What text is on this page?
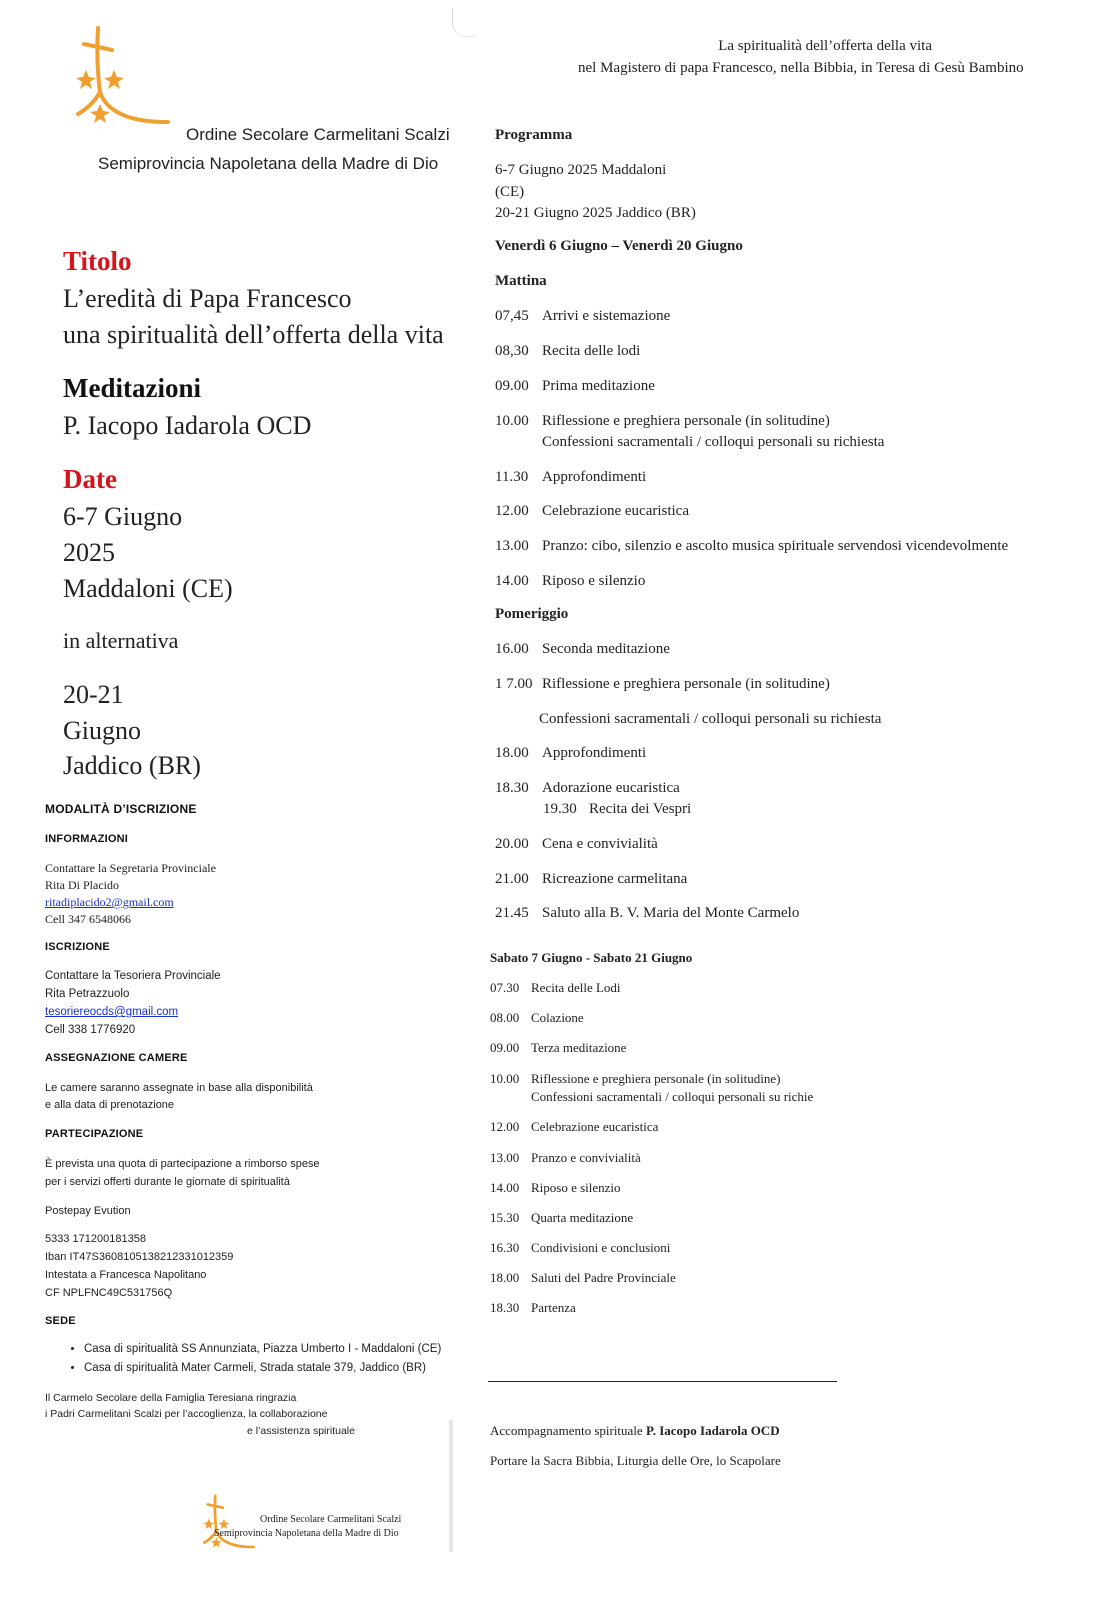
Ordine Secolare Carmelitani Scalzi
Semiprovincia Napoletana della Madre di Dio
Titolo
L’eredità di Papa Francesco
una spiritualità dell’offerta della vita
Meditazioni
P. Iacopo Iadarola OCD
Date
6-7 Giugno
2025
Maddaloni (CE)
in alternativa
20-21
Giugno
Jaddico (BR)
MODALITÀ D’ISCRIZIONE
INFORMAZIONI
Contattare la Segretaria Provinciale
Rita Di Placido
ritadiplacido2@gmail.com
Cell 347 6548066
ISCRIZIONE
Contattare la Tesoriera Provinciale
Rita Petrazzuolo
tesoriereocds@gmail.com
Cell 338 1776920
ASSEGNAZIONE CAMERE
Le camere saranno assegnate in base alla disponibilità
e alla data di prenotazione
PARTECIPAZIONE
È prevista una quota di partecipazione a rimborso spese
per i servizi offerti durante le giornate di spiritualità
Postepay Evution
5333 171200181358
Iban IT47S3608105138212331012359
Intestata a Francesca Napolitano
CF NPLFNC49C531756Q
SEDE
• Casa di spiritualità SS Annunziata, Piazza Umberto I - Maddaloni (CE)
• Casa di spiritualità Mater Carmeli, Strada statale 379, Jaddico (BR)
Il Carmelo Secolare della Famiglia Teresiana ringrazia
i Padri Carmelitani Scalzi per l’accoglienza, la collaborazione
e l’assistenza spirituale
Ordine Secolare Carmelitani Scalzi
Semiprovincia Napoletana della Madre di Dio
La spiritualità dell’offerta della vita
nel Magistero di papa Francesco, nella Bibbia, in Teresa di Gesù Bambino
Programma
6-7 Giugno 2025 Maddaloni
(CE)
20-21 Giugno 2025 Jaddico (BR)
Venerdì 6 Giugno – Venerdì 20 Giugno
Mattina
07,45 Arrivi e sistemazione
08,30 Recita delle lodi
09.00 Prima meditazione
10.00 Riflessione e preghiera personale (in solitudine)
Confessioni sacramentali / colloqui personali su richiesta
11.30 Approfondimenti
12.00 Celebrazione eucaristica
13.00 Pranzo: cibo, silenzio e ascolto musica spirituale servendosi vicendevolmente
14.00 Riposo e silenzio
Pomeriggio
16.00 Seconda meditazione
1 7.00 Riflessione e preghiera personale (in solitudine)
Confessioni sacramentali / colloqui personali su richiesta
18.00 Approfondimenti
18.30 Adorazione eucaristica
19.30 Recita dei Vespri
20.00 Cena e convivialità
21.00 Ricreazione carmelitana
21.45 Saluto alla B. V. Maria del Monte Carmelo
Sabato 7 Giugno - Sabato 21 Giugno
07.30 Recita delle Lodi
08.00 Colazione
09.00 Terza meditazione
10.00 Riflessione e preghiera personale (in solitudine)
Confessioni sacramentali / colloqui personali su richie
12.00 Celebrazione eucaristica
13.00 Pranzo e convivialità
14.00 Riposo e silenzio
15.30 Quarta meditazione
16.30 Condivisioni e conclusioni
18.00 Saluti del Padre Provinciale
18.30 Partenza
Accompagnamento spirituale P. Iacopo Iadarola OCD
Portare la Sacra Bibbia, Liturgia delle Ore, lo Scapolare
